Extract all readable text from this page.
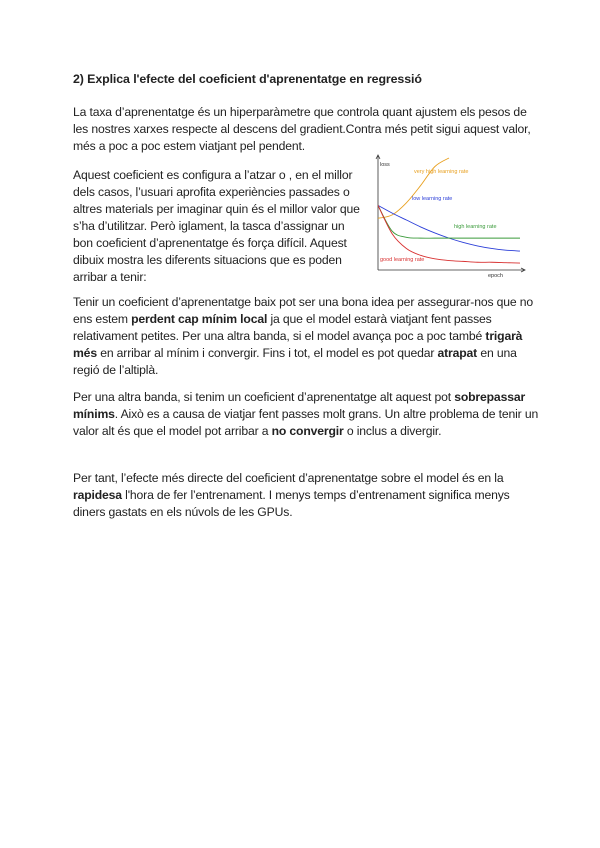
2) Explica l'efecte del coeficient d'aprenentatge en regressió

La taxa d’aprenentatge és un hiperparàmetre que controla quant ajustem els pesos de les nostres xarxes respecte al descens del gradient.Contra més petit sigui aquest valor, més a poc a poc estem viatjant pel pendent.

Aquest coeficient es configura a l’atzar o , en el millor dels casos, l’usuari aprofita experiències passades o altres materials per imaginar quin és el millor valor que s’ha d’utilitzar. Però iglament, la tasca d’assignar un bon coeficient d’aprenentatge és força difícil. Aquest dibuix mostra les diferents situacions que es poden arribar a tenir:

loss
epoch
very high learning rate
low learning rate
high learning rate
good learning rate

Tenir un coeficient d’aprenentatge baix pot ser una bona idea per assegurar-nos que no ens estem perdent cap mínim local ja que el model estarà viatjant fent passes relativament petites. Per una altra banda, si el model avança poc a poc també trigarà més en arribar al mínim i convergir. Fins i tot, el model es pot quedar atrapat en una regió de l’altiplà.

Per una altra banda, si tenim un coeficient d’aprenentatge alt aquest pot sobrepassar mínims. Això es a causa de viatjar fent passes molt grans. Un altre problema de tenir un valor alt és que el model pot arribar a no convergir o inclus a divergir.

Per tant, l’efecte més directe del coeficient d’aprenentatge sobre el model és en la rapidesa l'hora de fer l’entrenament. I menys temps d’entrenament significa menys diners gastats en els núvols de les GPUs.
